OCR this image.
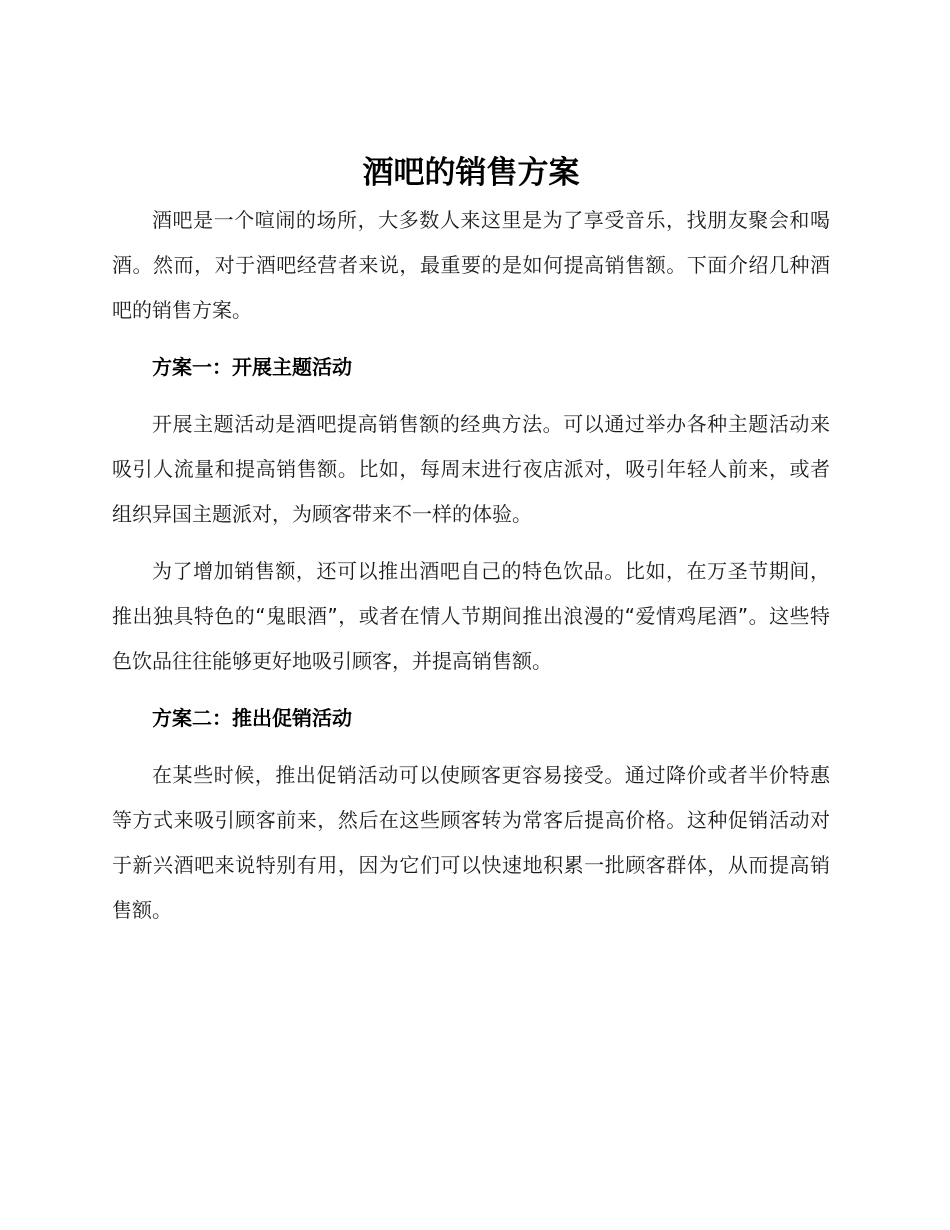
酒吧的销售方案

酒吧是一个喧闹的场所，大多数人来这里是为了享受音乐，找朋友聚会和喝酒。然而，对于酒吧经营者来说，最重要的是如何提高销售额。下面介绍几种酒吧的销售方案。

方案一：开展主题活动

开展主题活动是酒吧提高销售额的经典方法。可以通过举办各种主题活动来吸引人流量和提高销售额。比如，每周末进行夜店派对，吸引年轻人前来，或者组织异国主题派对，为顾客带来不一样的体验。

为了增加销售额，还可以推出酒吧自己的特色饮品。比如，在万圣节期间，推出独具特色的“鬼眼酒”，或者在情人节期间推出浪漫的“爱情鸡尾酒”。这些特色饮品往往能够更好地吸引顾客，并提高销售额。

方案二：推出促销活动

在某些时候，推出促销活动可以使顾客更容易接受。通过降价或者半价特惠等方式来吸引顾客前来，然后在这些顾客转为常客后提高价格。这种促销活动对于新兴酒吧来说特别有用，因为它们可以快速地积累一批顾客群体，从而提高销售额。
